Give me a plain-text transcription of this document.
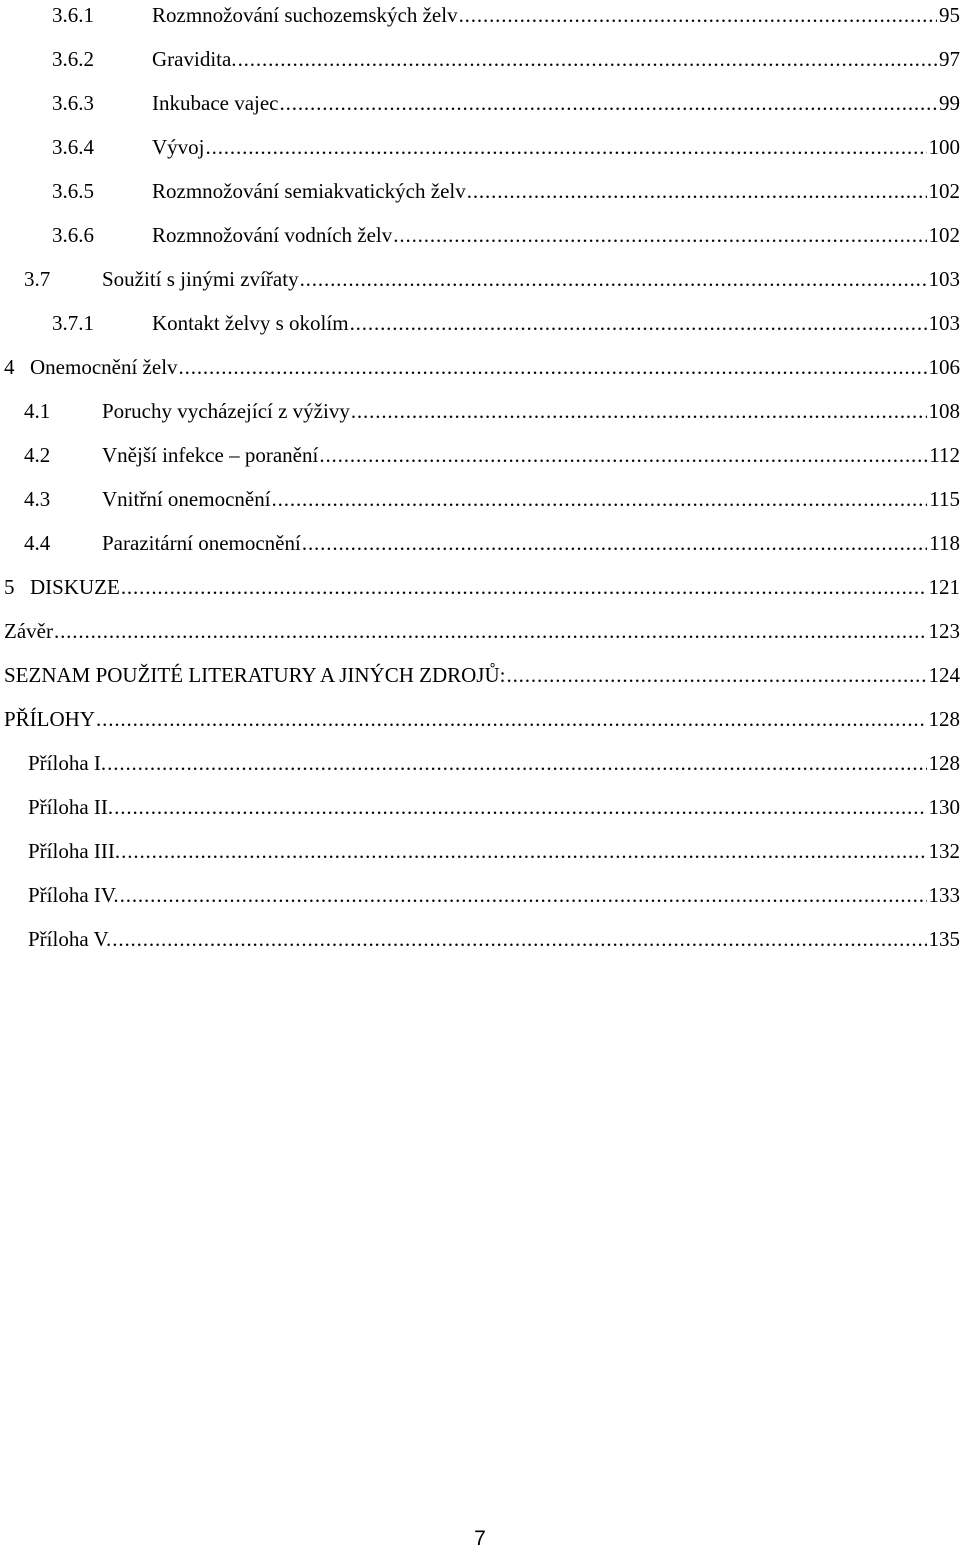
3.6.1	Rozmnožování suchozemských želv . . .	95
3.6.2	Gravidita. . . .	97
3.6.3	Inkubace vajec . . .	99
3.6.4	Vývoj . . .	100
3.6.5	Rozmnožování semiakvatických želv . . .	102
3.6.6	Rozmnožování vodních želv . . .	102
3.7	Soužití s jinými zvířaty . . .	103
3.7.1	Kontakt želvy s okolím . . .	103
4 Onemocnění želv . . .	106
4.1	Poruchy vycházející z výživy . . .	108
4.2	Vnější infekce – poranění . . .	112
4.3	Vnitřní onemocnění . . .	115
4.4	Parazitární onemocnění . . .	118
5 DISKUZE . . .	121
Závěr . . .	123
SEZNAM POUŽITÉ LITERATURY A JINÝCH ZDROJŮ: . . .	124
PŘÍLOHY . . .	128
Příloha I. . . .	128
Příloha II. . . .	130
Příloha III. . . .	132
Příloha IV. . . .	133
Příloha V. . . .	135
7
